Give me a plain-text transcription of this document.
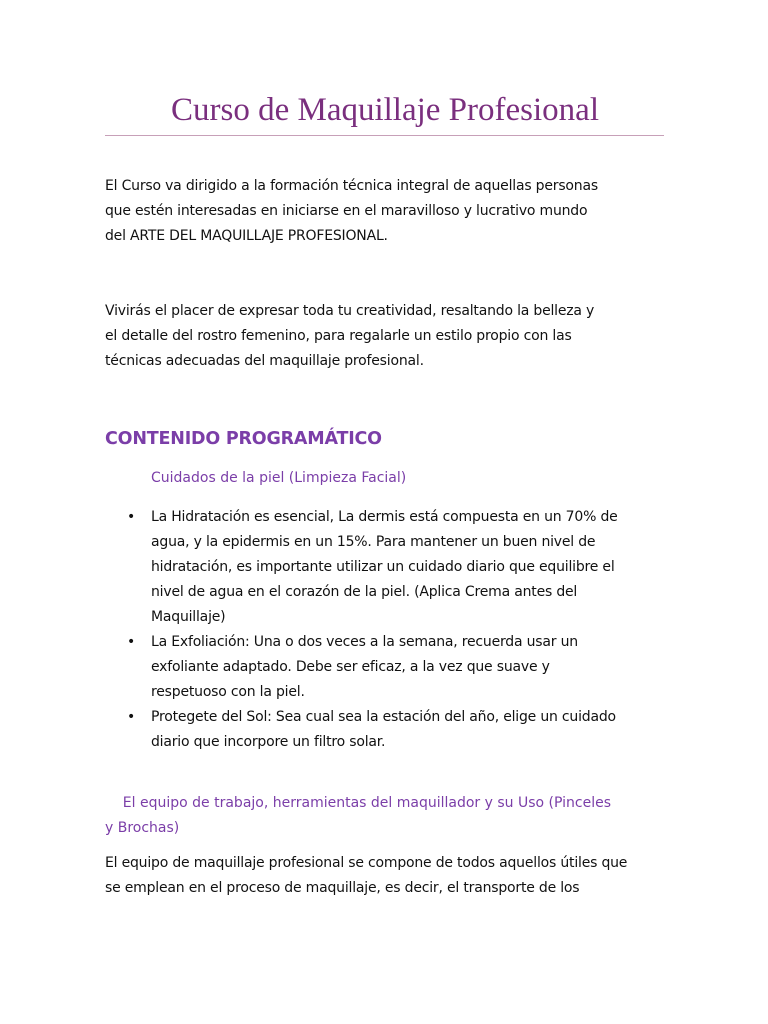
Curso de Maquillaje Profesional
El Curso va dirigido a la formación técnica integral de aquellas personas
que estén interesadas en iniciarse en el maravilloso y lucrativo mundo
del ARTE DEL MAQUILLAJE PROFESIONAL.
Vivirás el placer de expresar toda tu creatividad, resaltando la belleza y
el detalle del rostro femenino, para regalarle un estilo propio con las
técnicas adecuadas del maquillaje profesional.
CONTENIDO PROGRAMÁTICO
Cuidados de la piel (Limpieza Facial)
• La Hidratación es esencial, La dermis está compuesta en un 70% de
agua, y la epidermis en un 15%. Para mantener un buen nivel de
hidratación, es importante utilizar un cuidado diario que equilibre el
nivel de agua en el corazón de la piel. (Aplica Crema antes del
Maquillaje)
• La Exfoliación: Una o dos veces a la semana, recuerda usar un
exfoliante adaptado. Debe ser eficaz, a la vez que suave y
respetuoso con la piel.
• Protegete del Sol: Sea cual sea la estación del año, elige un cuidado
diario que incorpore un filtro solar.
El equipo de trabajo, herramientas del maquillador y su Uso (Pinceles
y Brochas)
El equipo de maquillaje profesional se compone de todos aquellos útiles que
se emplean en el proceso de maquillaje, es decir, el transporte de los
